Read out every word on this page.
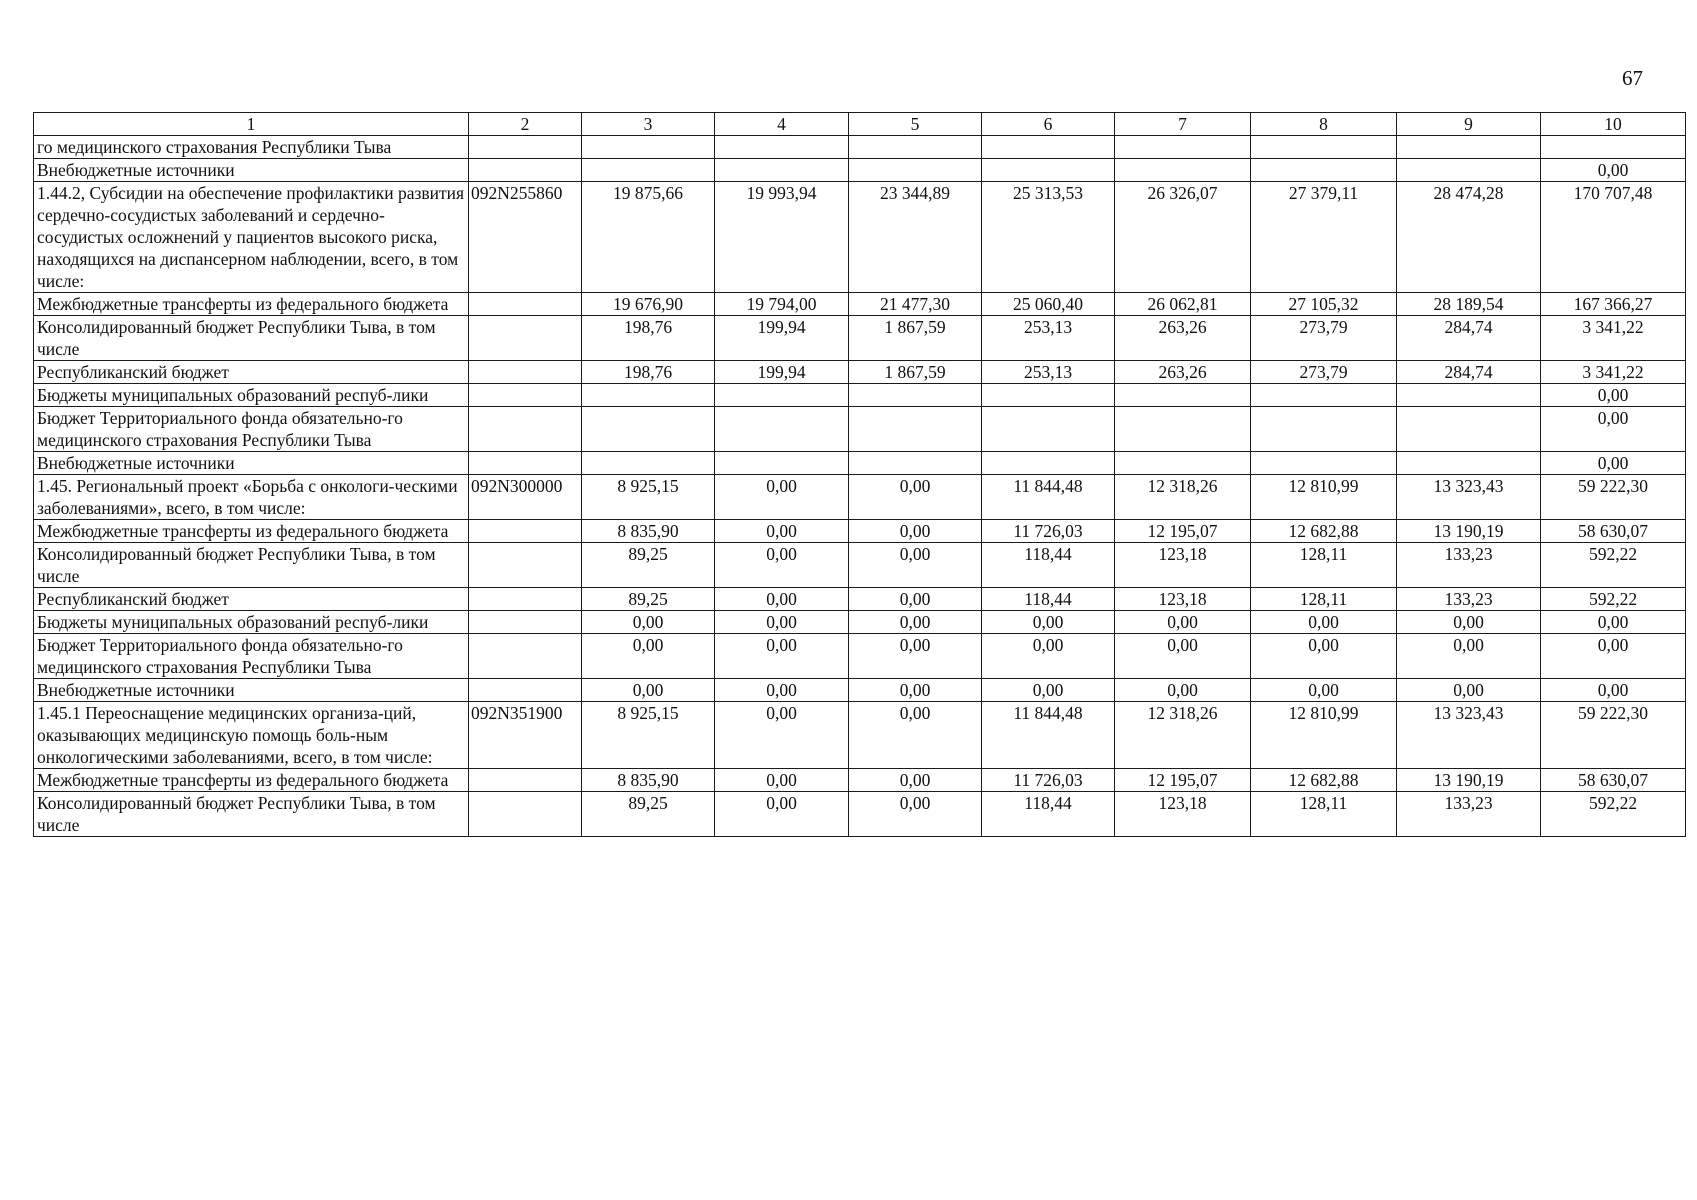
67
1	2	3	4	5	6	7	8	9	10
го медицинского страхования Республики Тыва									
Внебюджетные источники									0,00
1.44.2, Субсидии на обеспечение профилактики развития сердечно-сосудистых заболеваний и сердечно-сосудистых осложнений у пациентов высокого риска, находящихся на диспансерном наблюдении, всего, в том числе:	092N255860	19 875,66	19 993,94	23 344,89	25 313,53	26 326,07	27 379,11	28 474,28	170 707,48
Межбюджетные трансферты из федерального бюджета		19 676,90	19 794,00	21 477,30	25 060,40	26 062,81	27 105,32	28 189,54	167 366,27
Консолидированный бюджет Республики Тыва, в том числе		198,76	199,94	1 867,59	253,13	263,26	273,79	284,74	3 341,22
Республиканский бюджет		198,76	199,94	1 867,59	253,13	263,26	273,79	284,74	3 341,22
Бюджеты муниципальных образований респуб-лики									0,00
Бюджет Территориального фонда обязательно-го медицинского страхования Республики Тыва									0,00
Внебюджетные источники									0,00
1.45. Региональный проект «Борьба с онкологи-ческими заболеваниями», всего, в том числе:	092N300000	8 925,15	0,00	0,00	11 844,48	12 318,26	12 810,99	13 323,43	59 222,30
Межбюджетные трансферты из федерального бюджета		8 835,90	0,00	0,00	11 726,03	12 195,07	12 682,88	13 190,19	58 630,07
Консолидированный бюджет Республики Тыва, в том числе		89,25	0,00	0,00	118,44	123,18	128,11	133,23	592,22
Республиканский бюджет		89,25	0,00	0,00	118,44	123,18	128,11	133,23	592,22
Бюджеты муниципальных образований респуб-лики		0,00	0,00	0,00	0,00	0,00	0,00	0,00	0,00
Бюджет Территориального фонда обязательно-го медицинского страхования Республики Тыва		0,00	0,00	0,00	0,00	0,00	0,00	0,00	0,00
Внебюджетные источники		0,00	0,00	0,00	0,00	0,00	0,00	0,00	0,00
1.45.1 Переоснащение медицинских организа-ций, оказывающих медицинскую помощь боль-ным онкологическими заболеваниями, всего, в том числе:	092N351900	8 925,15	0,00	0,00	11 844,48	12 318,26	12 810,99	13 323,43	59 222,30
Межбюджетные трансферты из федерального бюджета		8 835,90	0,00	0,00	11 726,03	12 195,07	12 682,88	13 190,19	58 630,07
Консолидированный бюджет Республики Тыва, в том числе		89,25	0,00	0,00	118,44	123,18	128,11	133,23	592,22
